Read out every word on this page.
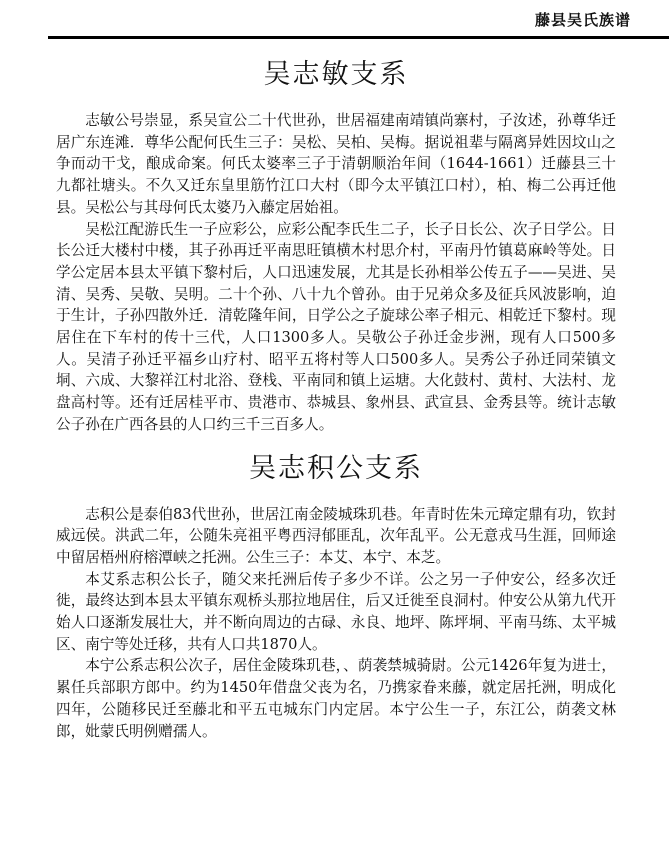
藤县吴氏族谱
吴志敏支系

志敏公号崇显，系吴宣公二十代世孙，世居福建南靖镇尚寨村，子汝述，孙尊华迁居广东连滩．尊华公配何氏生三子：吴松、吴柏、吴梅。据说祖辈与隔离异姓因坟山之争而动干戈，酿成命案。何氏太婆率三子于清朝顺治年间（1644-1661）迁藤县三十九都社塘头。不久又迁东皇里筋竹江口大村（即今太平镇江口村），柏、梅二公再迁他县。吴松公与其母何氏太婆乃入藤定居始祖。

吴松江配游氏生一子应彩公，应彩公配李氏生二子，长子日长公、次子日学公。日长公迁大楼村中楼，其子孙再迁平南思旺镇横木村思介村，平南丹竹镇葛麻岭等处。日学公定居本县太平镇下黎村后，人口迅速发展，尤其是长孙相举公传五子——吴进、吴清、吴秀、吴敬、吴明。二十个孙、八十九个曾孙。由于兄弟众多及征兵风波影响，迫于生计，子孙四散外迁．清乾隆年间，日学公之子旋球公率子相元、相乾迁下黎村。现居住在下车村的传十三代，人口1300多人。吴敬公子孙迁金步洲，现有人口500多人。吴清子孙迁平福乡山疗村、昭平五将村等人口500多人。吴秀公子孙迁同荣镇文垌、六成、大黎祥江村北浴、登栈、平南同和镇上运塘。大化鼓村、黄村、大法村、龙盘高村等。还有迁居桂平市、贵港市、恭城县、象州县、武宣县、金秀县等。统计志敏公子孙在广西各县的人口约三千三百多人。

吴志积公支系

志积公是泰伯83代世孙，世居江南金陵城珠玑巷。年青时佐朱元璋定鼎有功，钦封威远侯。洪武二年，公随朱亮祖平粤西浔郁匪乱，次年乱平。公无意戎马生涯，回师途中留居梧州府榕潭峡之托洲。公生三子：本艾、本宁、本芝。

本艾系志积公长子，随父来托洲后传子多少不详。公之另一子仲安公，经多次迁徙，最终达到本县太平镇东观桥头那拉地居住，后又迁徙至良洞村。仲安公从第九代开始人口逐渐发展壮大，并不断向周边的古碌、永良、地坪、陈坪垌、平南马练、太平城区、南宁等处迁移，共有人口共1870人。

本宁公系志积公次子，居住金陵珠玑巷，、荫袭禁城骑尉。公元1426年复为进士，累任兵部职方郎中。约为1450年借盘父丧为名，乃携家眷来藤，就定居托洲，明成化四年，公随移民迁至藤北和平五屯城东门内定居。本宁公生一子，东江公，荫袭文林郎，妣蒙氏明例赠孺人。
